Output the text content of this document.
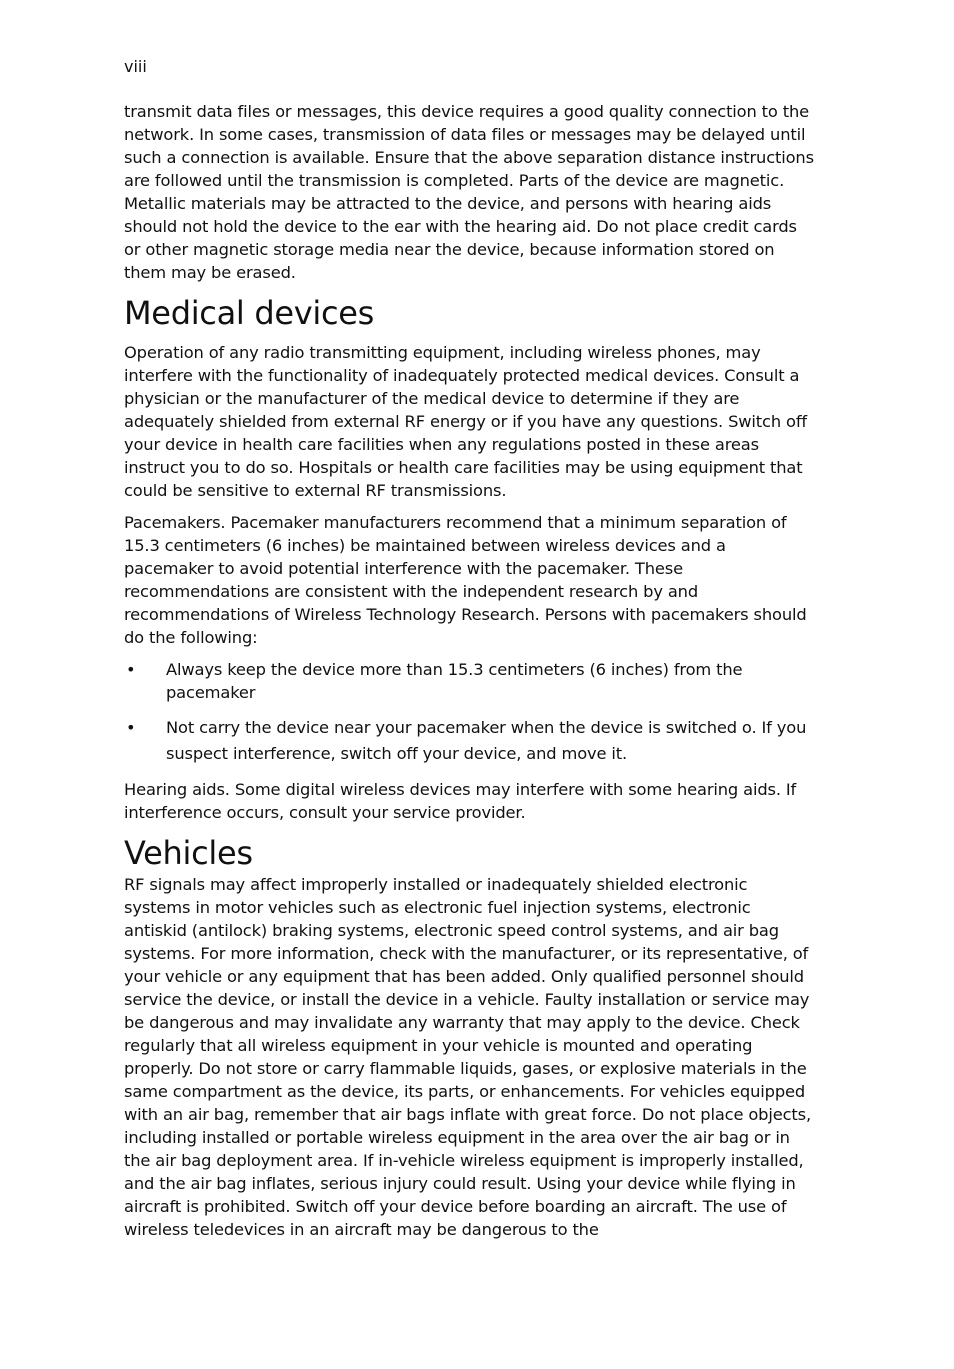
viii

transmit data files or messages, this device requires a good quality connection to the network. In some cases, transmission of data files or messages may be delayed until such a connection is available. Ensure that the above separation distance instructions are followed until the transmission is completed. Parts of the device are magnetic. Metallic materials may be attracted to the device, and persons with hearing aids should not hold the device to the ear with the hearing aid. Do not place credit cards or other magnetic storage media near the device, because information stored on them may be erased.

Medical devices

Operation of any radio transmitting equipment, including wireless phones, may interfere with the functionality of inadequately protected medical devices. Consult a physician or the manufacturer of the medical device to determine if they are adequately shielded from external RF energy or if you have any questions. Switch off your device in health care facilities when any regulations posted in these areas instruct you to do so. Hospitals or health care facilities may be using equipment that could be sensitive to external RF transmissions.

Pacemakers. Pacemaker manufacturers recommend that a minimum separation of 15.3 centimeters (6 inches) be maintained between wireless devices and a pacemaker to avoid potential interference with the pacemaker. These recommendations are consistent with the independent research by and recommendations of Wireless Technology Research. Persons with pacemakers should do the following:

• Always keep the device more than 15.3 centimeters (6 inches) from the pacemaker
• Not carry the device near your pacemaker when the device is switched o. If you suspect interference, switch off your device, and move it.

Hearing aids. Some digital wireless devices may interfere with some hearing aids. If interference occurs, consult your service provider.

Vehicles

RF signals may affect improperly installed or inadequately shielded electronic systems in motor vehicles such as electronic fuel injection systems, electronic antiskid (antilock) braking systems, electronic speed control systems, and air bag systems. For more information, check with the manufacturer, or its representative, of your vehicle or any equipment that has been added. Only qualified personnel should service the device, or install the device in a vehicle. Faulty installation or service may be dangerous and may invalidate any warranty that may apply to the device. Check regularly that all wireless equipment in your vehicle is mounted and operating properly. Do not store or carry flammable liquids, gases, or explosive materials in the same compartment as the device, its parts, or enhancements. For vehicles equipped with an air bag, remember that air bags inflate with great force. Do not place objects, including installed or portable wireless equipment in the area over the air bag or in the air bag deployment area. If in-vehicle wireless equipment is improperly installed, and the air bag inflates, serious injury could result. Using your device while flying in aircraft is prohibited. Switch off your device before boarding an aircraft. The use of wireless teledevices in an aircraft may be dangerous to the
